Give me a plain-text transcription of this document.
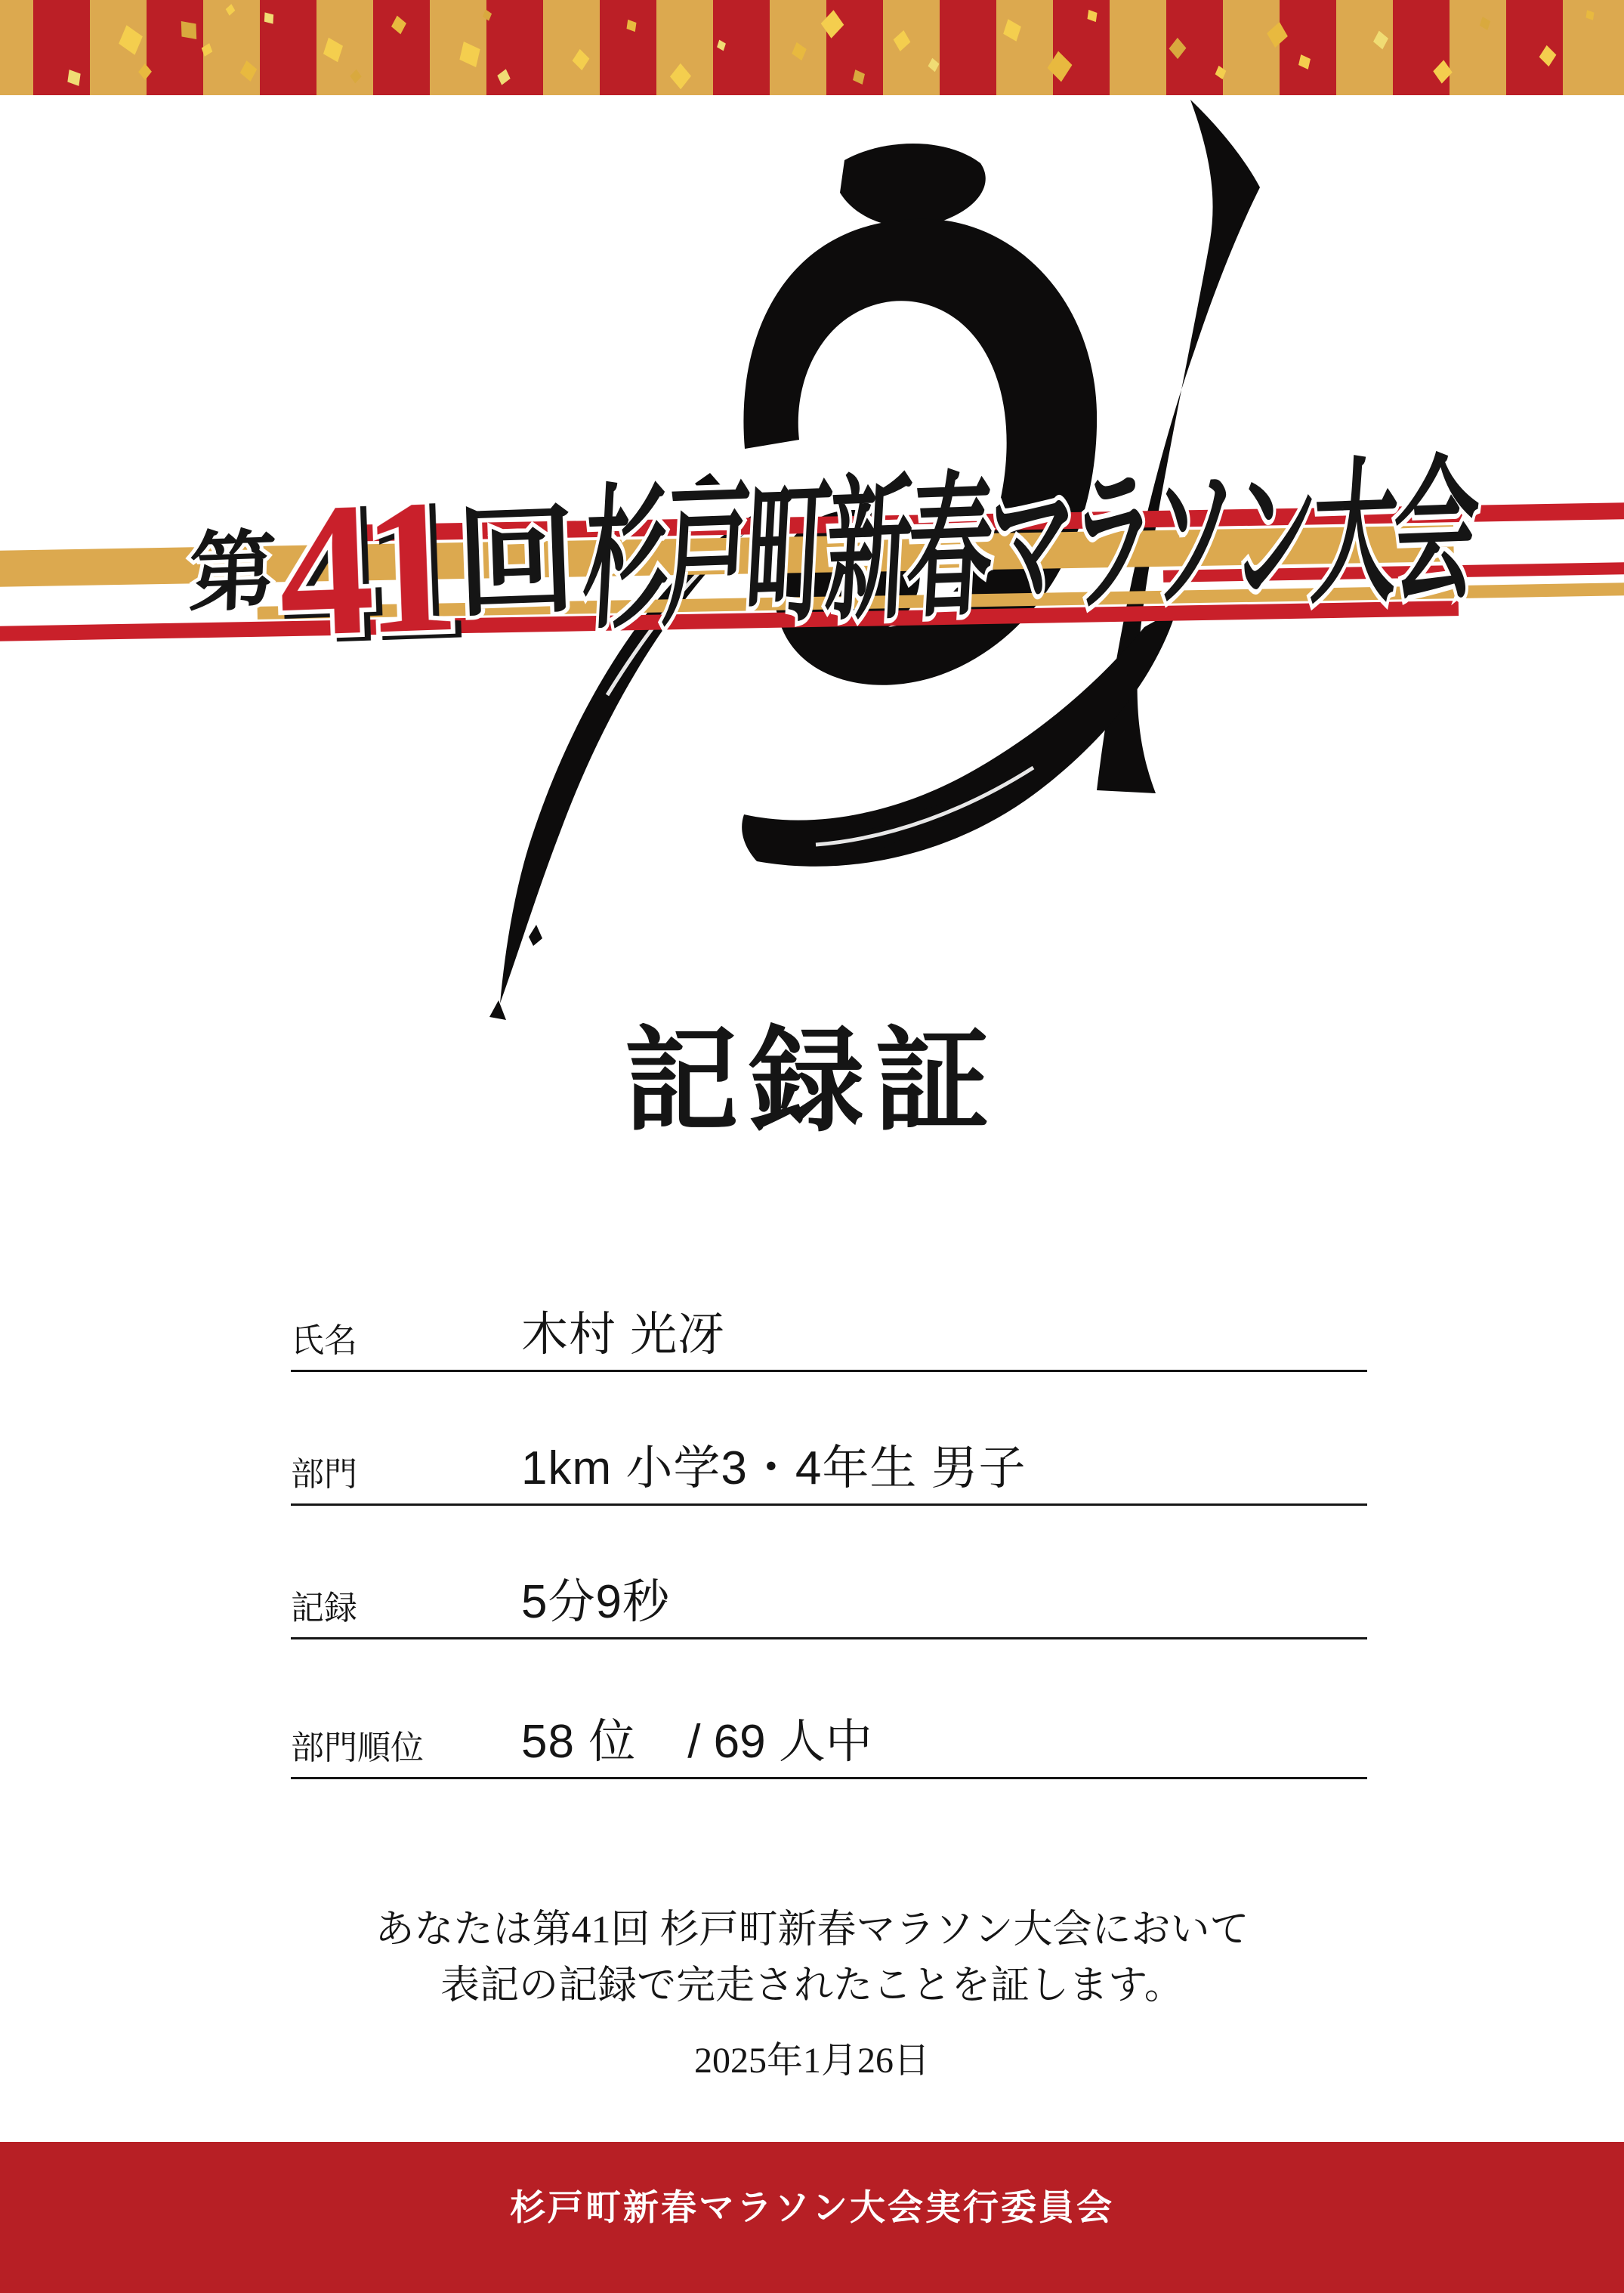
第
41 回 杉戸町新春マラソン大会
記録証
氏名	木村 光冴
部門	1km 小学3・4年生 男子
記録	5分9秒
部門順位	58 位 / 69 人中
あなたは第41回 杉戸町新春マラソン大会において
表記の記録で完走されたことを証します。
2025年1月26日
杉戸町新春マラソン大会実行委員会
